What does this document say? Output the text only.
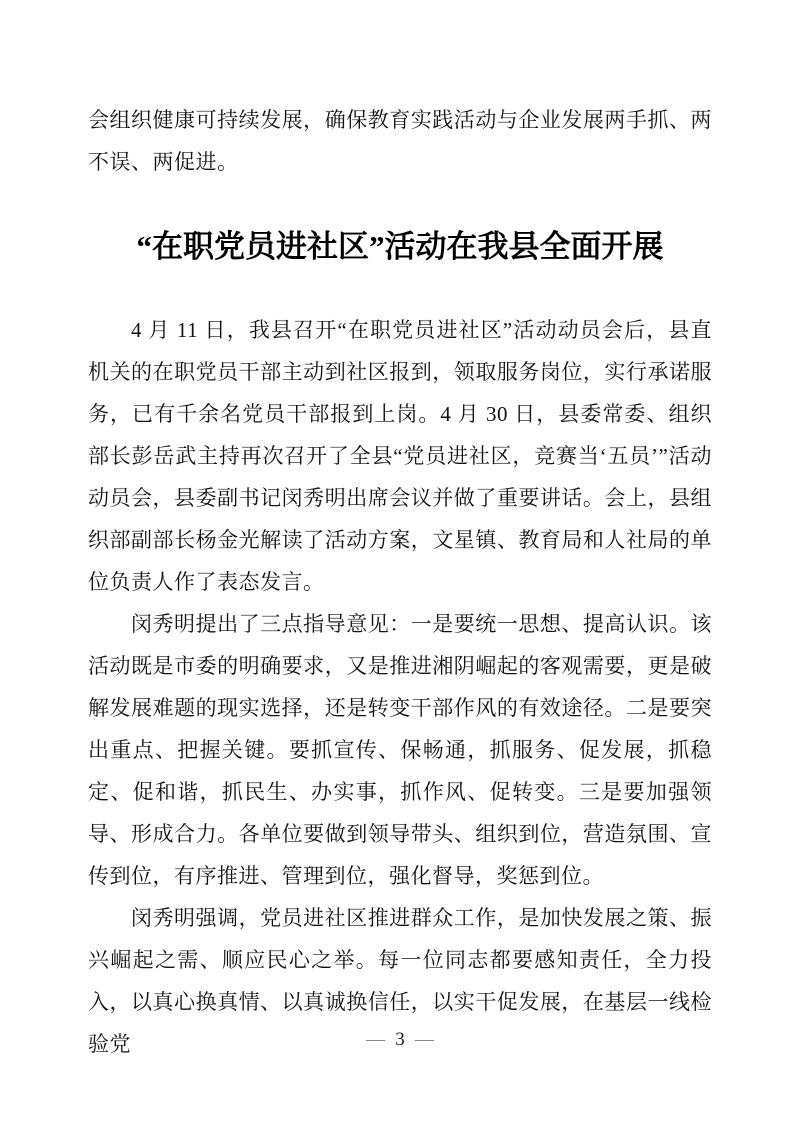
会组织健康可持续发展，确保教育实践活动与企业发展两手抓、两不误、两促进。

“在职党员进社区”活动在我县全面开展

4 月 11 日，我县召开“在职党员进社区”活动动员会后，县直机关的在职党员干部主动到社区报到，领取服务岗位，实行承诺服务，已有千余名党员干部报到上岗。4 月 30 日，县委常委、组织部长彭岳武主持再次召开了全县“党员进社区，竞赛当‘五员’”活动动员会，县委副书记闵秀明出席会议并做了重要讲话。会上，县组织部副部长杨金光解读了活动方案，文星镇、教育局和人社局的单位负责人作了表态发言。

闵秀明提出了三点指导意见：一是要统一思想、提高认识。该活动既是市委的明确要求，又是推进湘阴崛起的客观需要，更是破解发展难题的现实选择，还是转变干部作风的有效途径。二是要突出重点、把握关键。要抓宣传、保畅通，抓服务、促发展，抓稳定、促和谐，抓民生、办实事，抓作风、促转变。三是要加强领导、形成合力。各单位要做到领导带头、组织到位，营造氛围、宣传到位，有序推进、管理到位，强化督导，奖惩到位。

闵秀明强调，党员进社区推进群众工作，是加快发展之策、振兴崛起之需、顺应民心之举。每一位同志都要感知责任，全力投入，以真心换真情、以真诚换信任，以实干促发展，在基层一线检验党	— 3 —
